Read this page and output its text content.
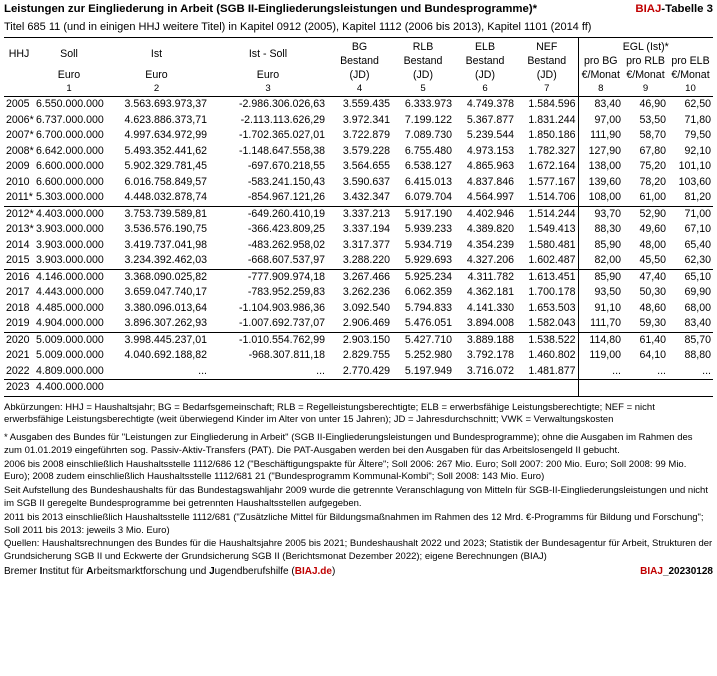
Leistungen zur Eingliederung in Arbeit (SGB II-Eingliederungsleistungen und Bundesprogramme)*	BIAJ-Tabelle 3
Titel 685 11 (und in einigen HHJ weitere Titel) in Kapitel 0912 (2005), Kapitel 1112 (2006 bis 2013), Kapitel 1101 (2014 ff)
HHJ	Soll	Ist	Ist - Soll	BG	RLB	ELB	NEF	EGL (Ist)*		
				Bestand	Bestand	Bestand	Bestand	pro BG	pro RLB	pro ELB
	Euro	Euro	Euro	(JD)	(JD)	(JD)	(JD)	€/Monat	€/Monat	€/Monat
	1	2	3	4	5	6	7	8	9	10
2005	6.550.000.000	3.563.693.973,37	-2.986.306.026,63	3.559.435	6.333.973	4.749.378	1.584.596	83,40	46,90	62,50
2006*	6.737.000.000	4.623.886.373,71	-2.113.113.626,29	3.972.341	7.199.122	5.367.877	1.831.244	97,00	53,50	71,80
2007*	6.700.000.000	4.997.634.972,99	-1.702.365.027,01	3.722.879	7.089.730	5.239.544	1.850.186	111,90	58,70	79,50
2008*	6.642.000.000	5.493.352.441,62	-1.148.647.558,38	3.579.228	6.755.480	4.973.153	1.782.327	127,90	67,80	92,10
2009	6.600.000.000	5.902.329.781,45	-697.670.218,55	3.564.655	6.538.127	4.865.963	1.672.164	138,00	75,20	101,10
2010	6.600.000.000	6.016.758.849,57	-583.241.150,43	3.590.637	6.415.013	4.837.846	1.577.167	139,60	78,20	103,60
2011*	5.303.000.000	4.448.032.878,74	-854.967.121,26	3.432.347	6.079.704	4.564.997	1.514.706	108,00	61,00	81,20
2012*	4.403.000.000	3.753.739.589,81	-649.260.410,19	3.337.213	5.917.190	4.402.946	1.514.244	93,70	52,90	71,00
2013*	3.903.000.000	3.536.576.190,75	-366.423.809,25	3.337.194	5.939.233	4.389.820	1.549.413	88,30	49,60	67,10
2014	3.903.000.000	3.419.737.041,98	-483.262.958,02	3.317.377	5.934.719	4.354.239	1.580.481	85,90	48,00	65,40
2015	3.903.000.000	3.234.392.462,03	-668.607.537,97	3.288.220	5.929.693	4.327.206	1.602.487	82,00	45,50	62,30
2016	4.146.000.000	3.368.090.025,82	-777.909.974,18	3.267.466	5.925.234	4.311.782	1.613.451	85,90	47,40	65,10
2017	4.443.000.000	3.659.047.740,17	-783.952.259,83	3.262.236	6.062.359	4.362.181	1.700.178	93,50	50,30	69,90
2018	4.485.000.000	3.380.096.013,64	-1.104.903.986,36	3.092.540	5.794.833	4.141.330	1.653.503	91,10	48,60	68,00
2019	4.904.000.000	3.896.307.262,93	-1.007.692.737,07	2.906.469	5.476.051	3.894.008	1.582.043	111,70	59,30	83,40
2020	5.009.000.000	3.998.445.237,01	-1.010.554.762,99	2.903.150	5.427.710	3.889.188	1.538.522	114,80	61,40	85,70
2021	5.009.000.000	4.040.692.188,82	-968.307.811,18	2.829.755	5.252.980	3.792.178	1.460.802	119,00	64,10	88,80
2022	4.809.000.000	...	...	2.770.429	5.197.949	3.716.072	1.481.877	...	...	...
2023	4.400.000.000									

Abkürzungen: HHJ = Haushaltsjahr; BG = Bedarfsgemeinschaft; RLB = Regelleistungsberechtigte; ELB = erwerbsfähige Leistungsberechtigte; NEF = nicht erwerbsfähige Leistungsberechtigte (weit überwiegend Kinder im Alter von unter 15 Jahren); JD = Jahresdurchschnitt; VWK = Verwaltungskosten

* Ausgaben des Bundes für "Leistungen zur Eingliederung in Arbeit" (SGB II-Eingliederungsleistungen und Bundesprogramme); ohne die Ausgaben im Rahmen des zum 01.01.2019 eingeführten sog. Passiv-Aktiv-Transfers (PAT). Die PAT-Ausgaben werden bei den Ausgaben für das Arbeitslosengeld II gebucht.

2006 bis 2008 einschließlich Haushaltsstelle 1112/686 12 ("Beschäftigungspakte für Ältere"; Soll 2006: 267 Mio. Euro; Soll 2007: 200 Mio. Euro; Soll 2008: 99 Mio. Euro); 2008 zudem einschließlich Haushaltsstelle 1112/681 21 ("Bundesprogramm Kommunal-Kombi"; Soll 2008: 143 Mio. Euro)

Seit Aufstellung des Bundeshaushalts für das Bundestagswahljahr 2009 wurde die getrennte Veranschlagung von Mitteln für SGB-II-Eingliederungsleistungen und nicht im SGB II geregelte Bundesprogramme bei getrennten Haushaltsstellen aufgegeben.

2011 bis 2013 einschließlich Haushaltsstelle 1112/681 ("Zusätzliche Mittel für Bildungsmaßnahmen im Rahmen des 12 Mrd. €-Programms für Bildung und Forschung"; Soll 2011 bis 2013: jeweils 3 Mio. Euro)

Quellen: Haushaltsrechnungen des Bundes für die Haushaltsjahre 2005 bis 2021; Bundeshaushalt 2022 und 2023; Statistik der Bundesagentur für Arbeit, Strukturen der Grundsicherung SGB II und Eckwerte der Grundsicherung SGB II (Berichtsmonat Dezember 2022); eigene Berechnungen (BIAJ)

Bremer Institut für Arbeitsmarktforschung und Jugendberufshilfe (BIAJ.de)	BIAJ_20230128
